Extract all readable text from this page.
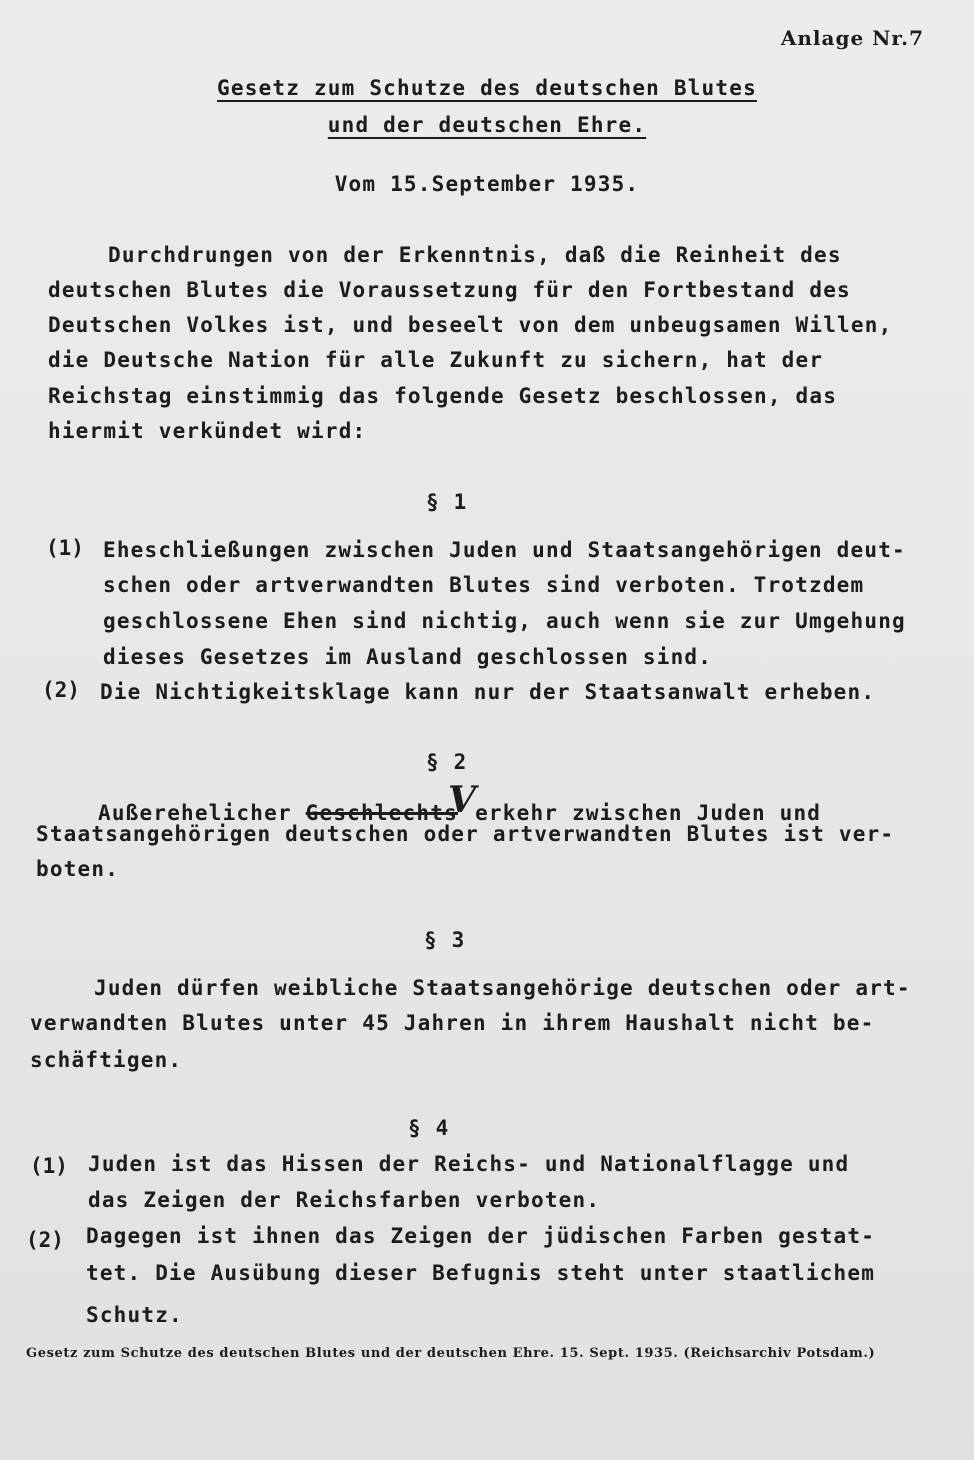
Anlage Nr.7
Gesetz zum Schutze des deutschen Blutes
und der deutschen Ehre.
Vom 15.September 1935.
Durchdrungen von der Erkenntnis, daß die Reinheit des
deutschen Blutes die Voraussetzung für den Fortbestand des
Deutschen Volkes ist, und beseelt von dem unbeugsamen Willen,
die Deutsche Nation für alle Zukunft zu sichern, hat der
Reichstag einstimmig das folgende Gesetz beschlossen, das
hiermit verkündet wird:
§ 1
(1) Eheschließungen zwischen Juden und Staatsangehörigen deut-
schen oder artverwandten Blutes sind verboten. Trotzdem
geschlossene Ehen sind nichtig, auch wenn sie zur Umgehung
dieses Gesetzes im Ausland geschlossen sind.
(2) Die Nichtigkeitsklage kann nur der Staatsanwalt erheben.
§ 2
Außerehelicher GeschlechtsVerkehr zwischen Juden und
Staatsangehörigen deutschen oder artverwandten Blutes ist ver-
boten.
§ 3
Juden dürfen weibliche Staatsangehörige deutschen oder art-
verwandten Blutes unter 45 Jahren in ihrem Haushalt nicht be-
schäftigen.
§ 4
(1) Juden ist das Hissen der Reichs- und Nationalflagge und
das Zeigen der Reichsfarben verboten.
(2) Dagegen ist ihnen das Zeigen der jüdischen Farben gestat-
tet. Die Ausübung dieser Befugnis steht unter staatlichem
Schutz.
Gesetz zum Schutze des deutschen Blutes und der deutschen Ehre. 15. Sept. 1935. (Reichsarchiv Potsdam.)
